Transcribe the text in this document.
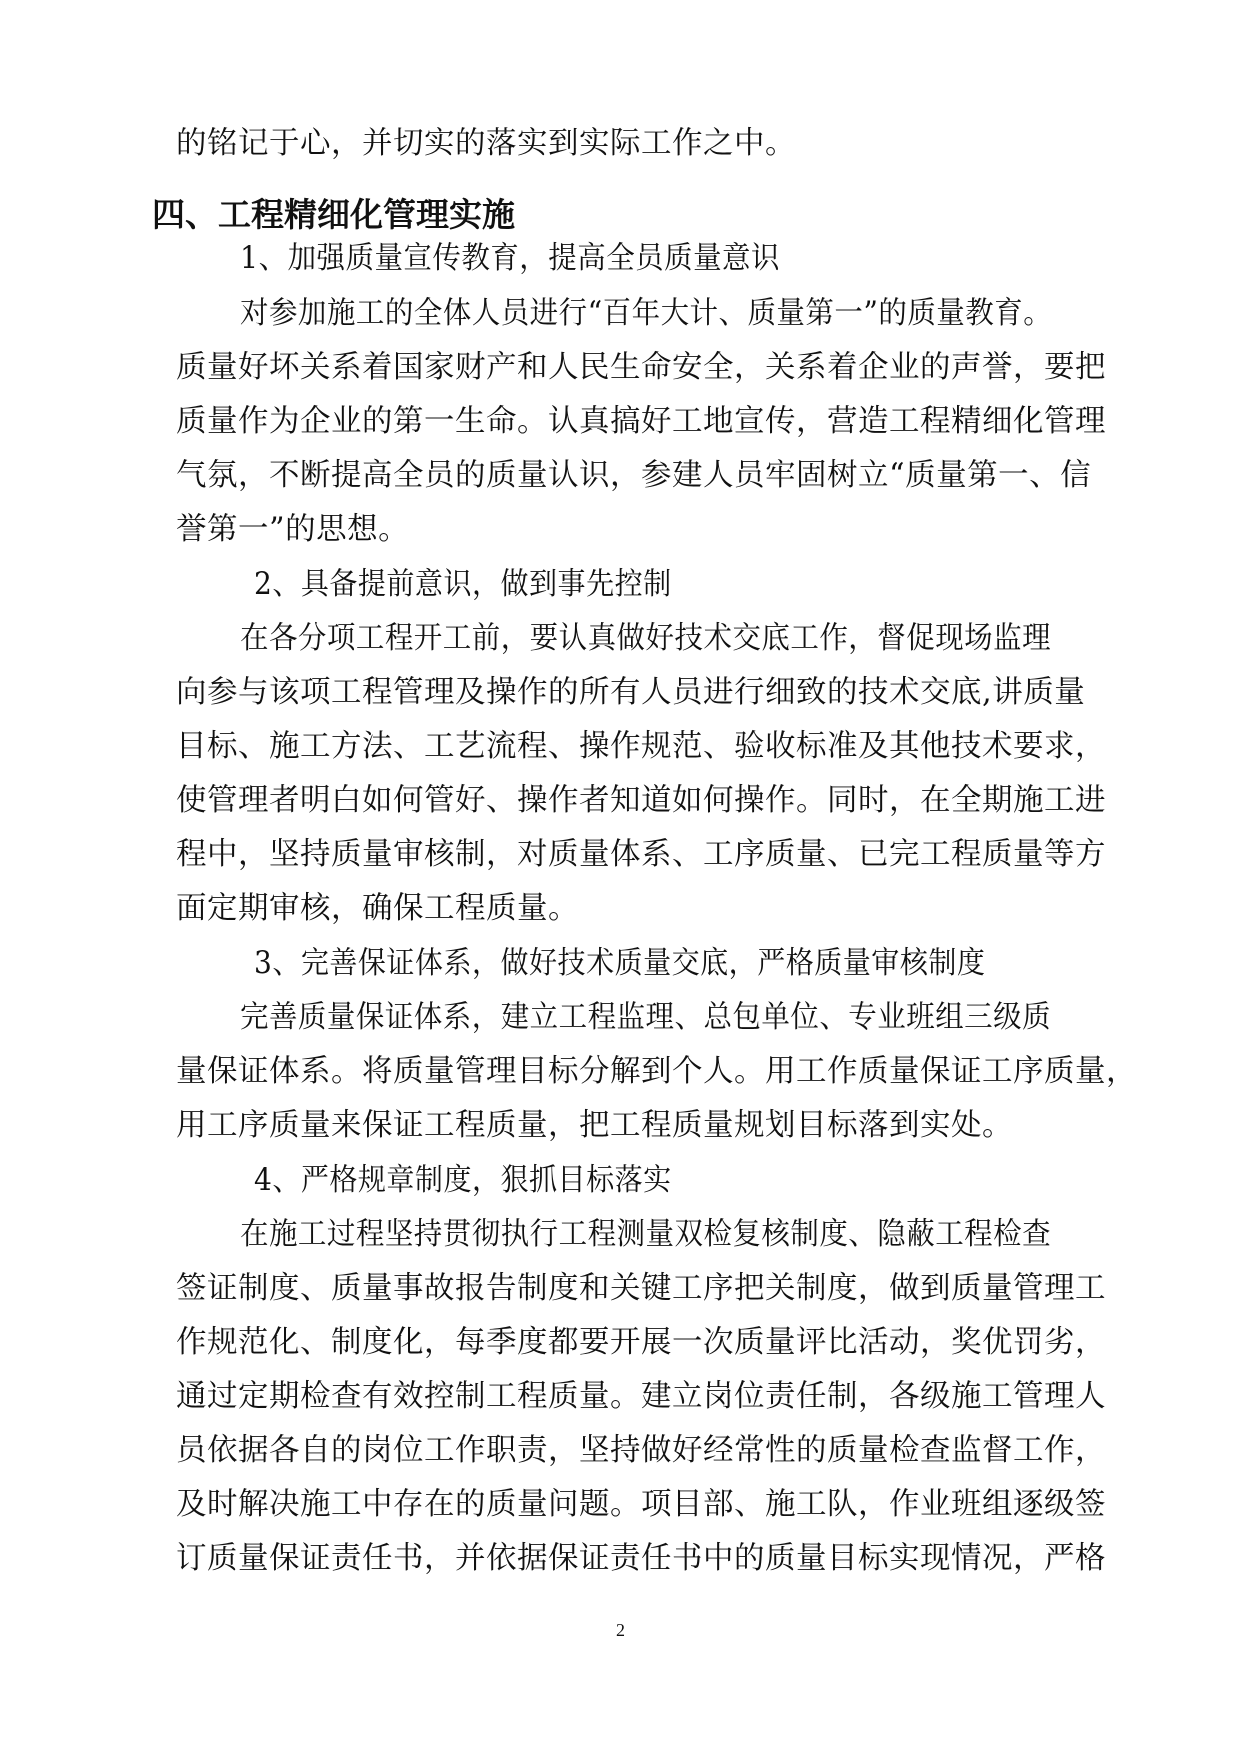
的铭记于心，并切实的落实到实际工作之中。
四、工程精细化管理实施
1、加强质量宣传教育，提高全员质量意识
对参加施工的全体人员进行“百年大计、质量第一”的质量教育。
质量好坏关系着国家财产和人民生命安全，关系着企业的声誉，要把
质量作为企业的第一生命。认真搞好工地宣传，营造工程精细化管理
气氛，不断提高全员的质量认识，参建人员牢固树立“质量第一、信
誉第一”的思想。
2、具备提前意识，做到事先控制
在各分项工程开工前，要认真做好技术交底工作，督促现场监理
向参与该项工程管理及操作的所有人员进行细致的技术交底,讲质量
目标、施工方法、工艺流程、操作规范、验收标准及其他技术要求，
使管理者明白如何管好、操作者知道如何操作。同时，在全期施工进
程中，坚持质量审核制，对质量体系、工序质量、已完工程质量等方
面定期审核，确保工程质量。
3、完善保证体系，做好技术质量交底，严格质量审核制度
完善质量保证体系，建立工程监理、总包单位、专业班组三级质
量保证体系。将质量管理目标分解到个人。用工作质量保证工序质量，
用工序质量来保证工程质量，把工程质量规划目标落到实处。
4、严格规章制度，狠抓目标落实
在施工过程坚持贯彻执行工程测量双检复核制度、隐蔽工程检查
签证制度、质量事故报告制度和关键工序把关制度，做到质量管理工
作规范化、制度化，每季度都要开展一次质量评比活动，奖优罚劣，
通过定期检查有效控制工程质量。建立岗位责任制，各级施工管理人
员依据各自的岗位工作职责，坚持做好经常性的质量检查监督工作，
及时解决施工中存在的质量问题。项目部、施工队，作业班组逐级签
订质量保证责任书，并依据保证责任书中的质量目标实现情况，严格
2
